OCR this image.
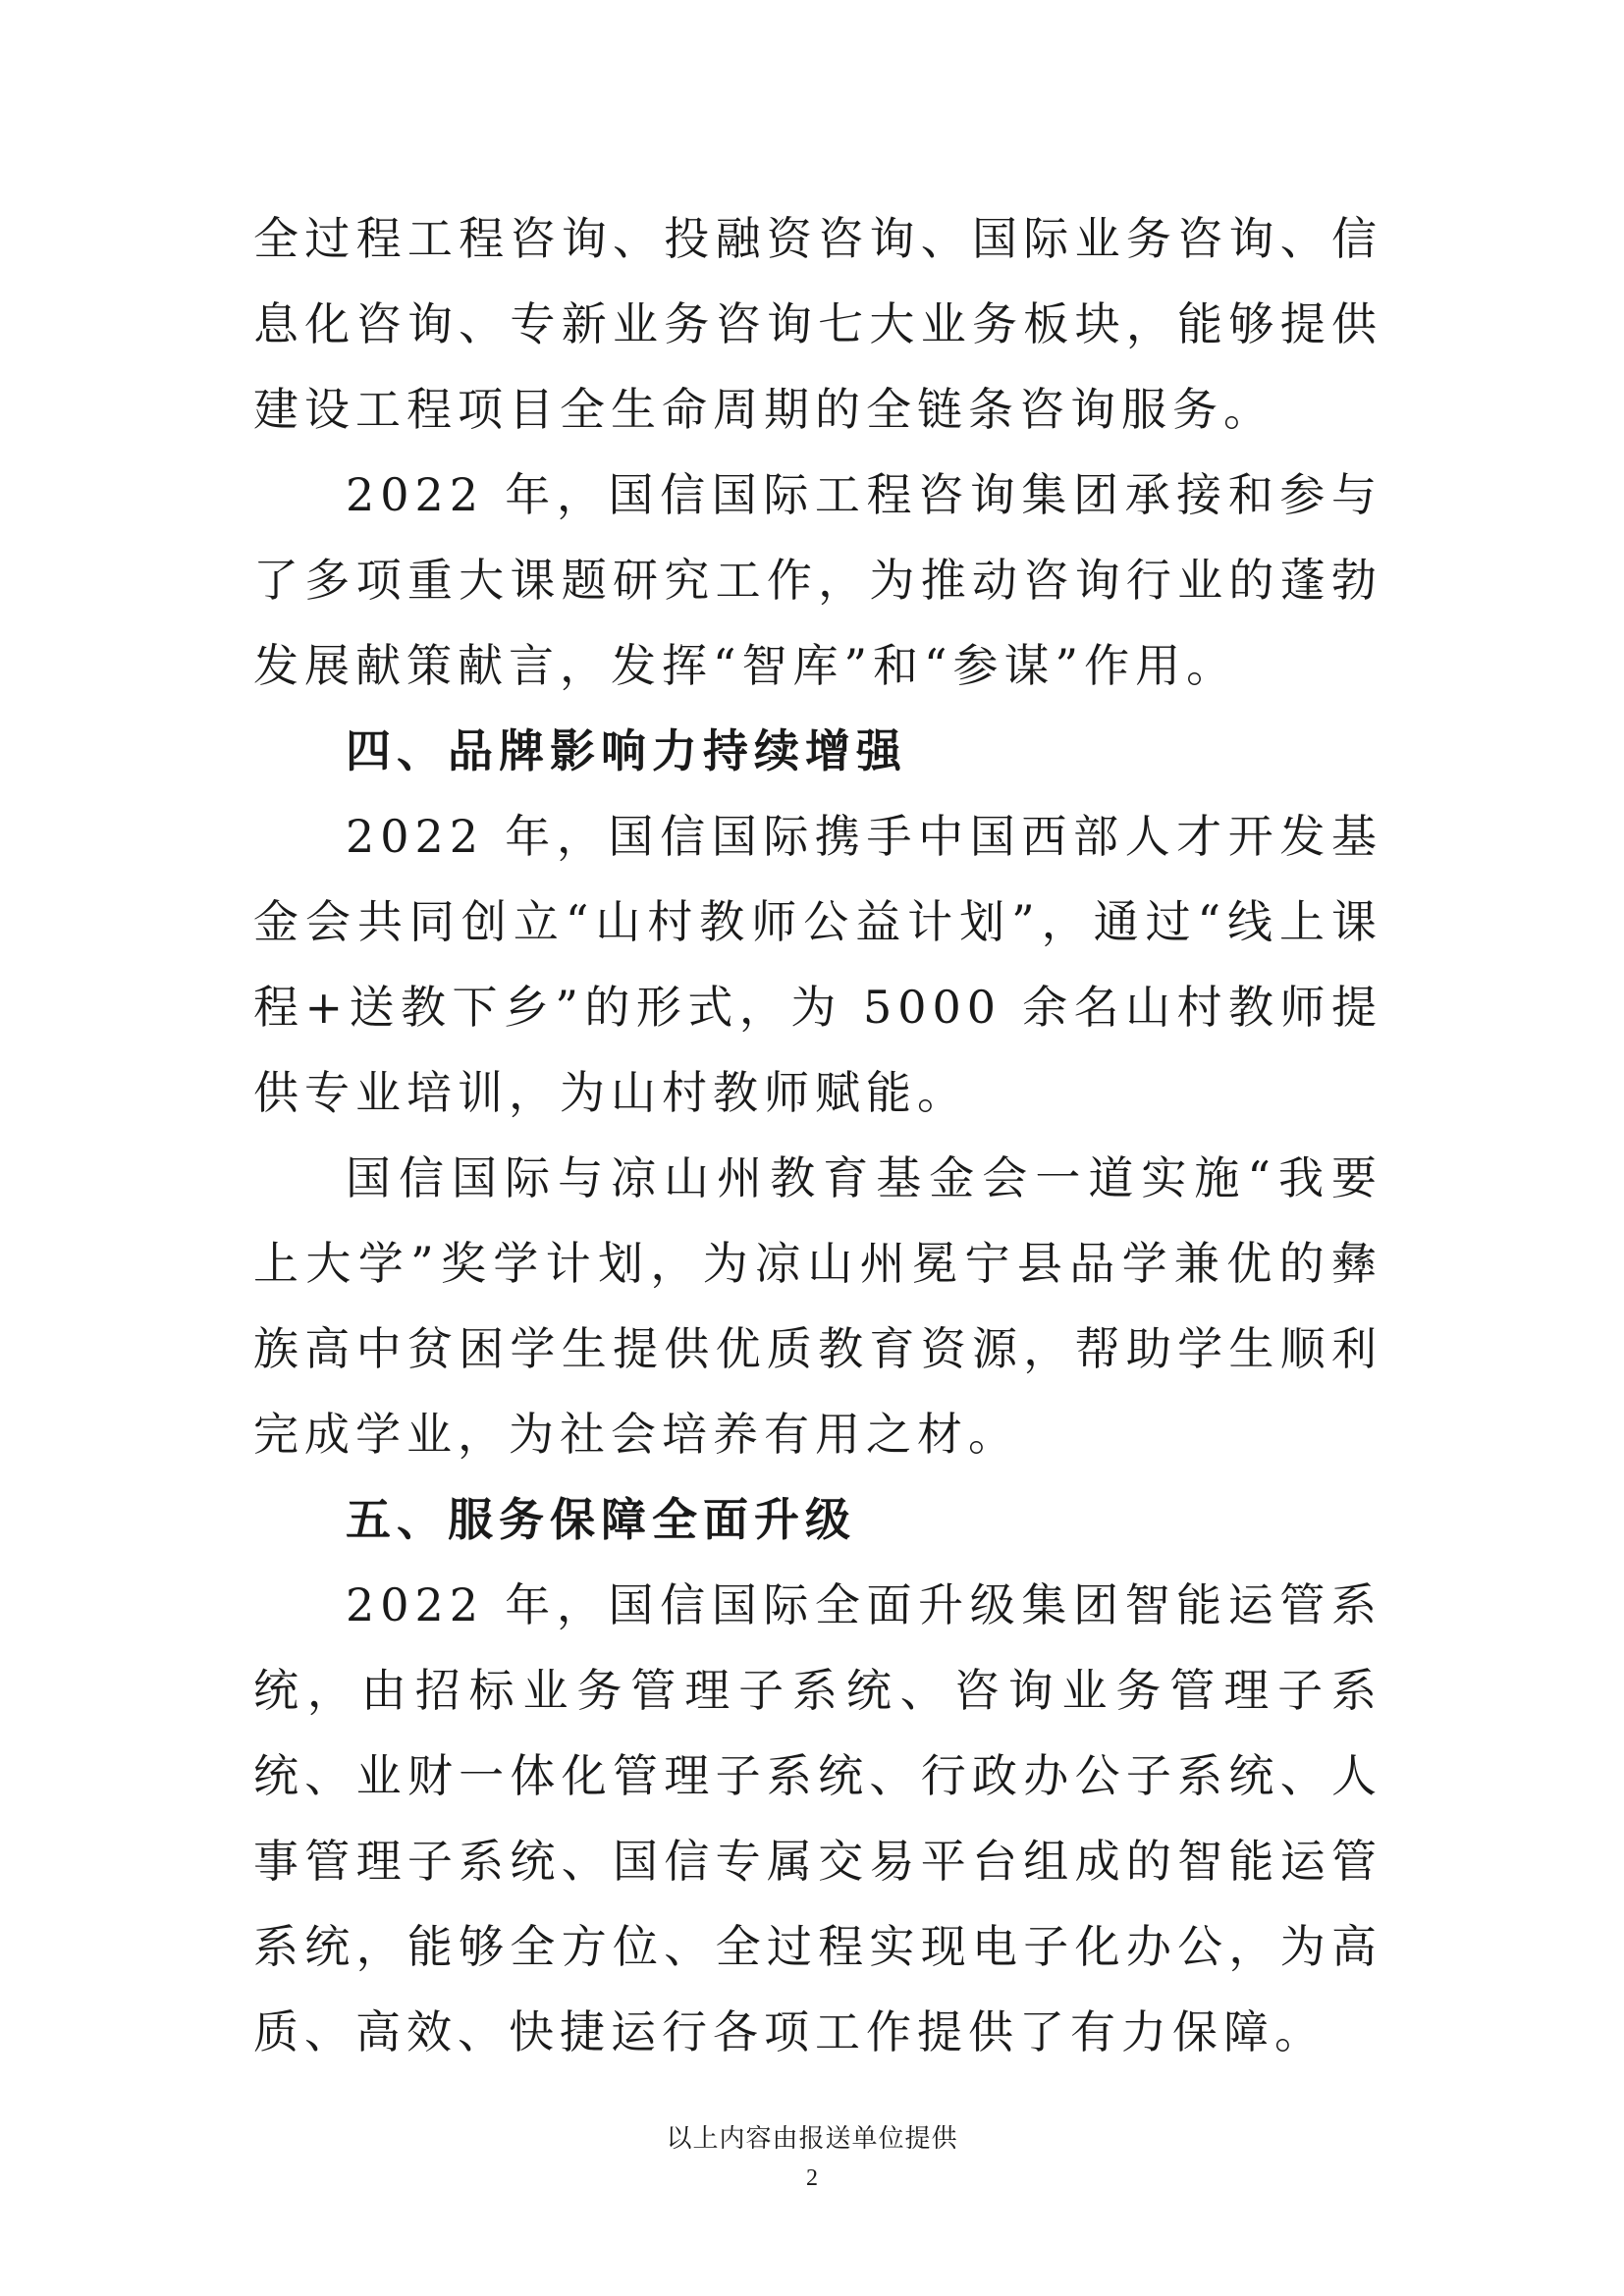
全过程工程咨询、投融资咨询、国际业务咨询、信息化咨询、专新业务咨询七大业务板块，能够提供建设工程项目全生命周期的全链条咨询服务。

2022 年，国信国际工程咨询集团承接和参与了多项重大课题研究工作，为推动咨询行业的蓬勃发展献策献言，发挥“智库”和“参谋”作用。

四、品牌影响力持续增强

2022 年，国信国际携手中国西部人才开发基金会共同创立“山村教师公益计划”，通过“线上课程+送教下乡”的形式，为 5000 余名山村教师提供专业培训，为山村教师赋能。

国信国际与凉山州教育基金会一道实施“我要上大学”奖学计划，为凉山州冕宁县品学兼优的彝族高中贫困学生提供优质教育资源，帮助学生顺利完成学业，为社会培养有用之材。

五、服务保障全面升级

2022 年，国信国际全面升级集团智能运管系统，由招标业务管理子系统、咨询业务管理子系统、业财一体化管理子系统、行政办公子系统、人事管理子系统、国信专属交易平台组成的智能运管系统，能够全方位、全过程实现电子化办公，为高质、高效、快捷运行各项工作提供了有力保障。

以上内容由报送单位提供
2
